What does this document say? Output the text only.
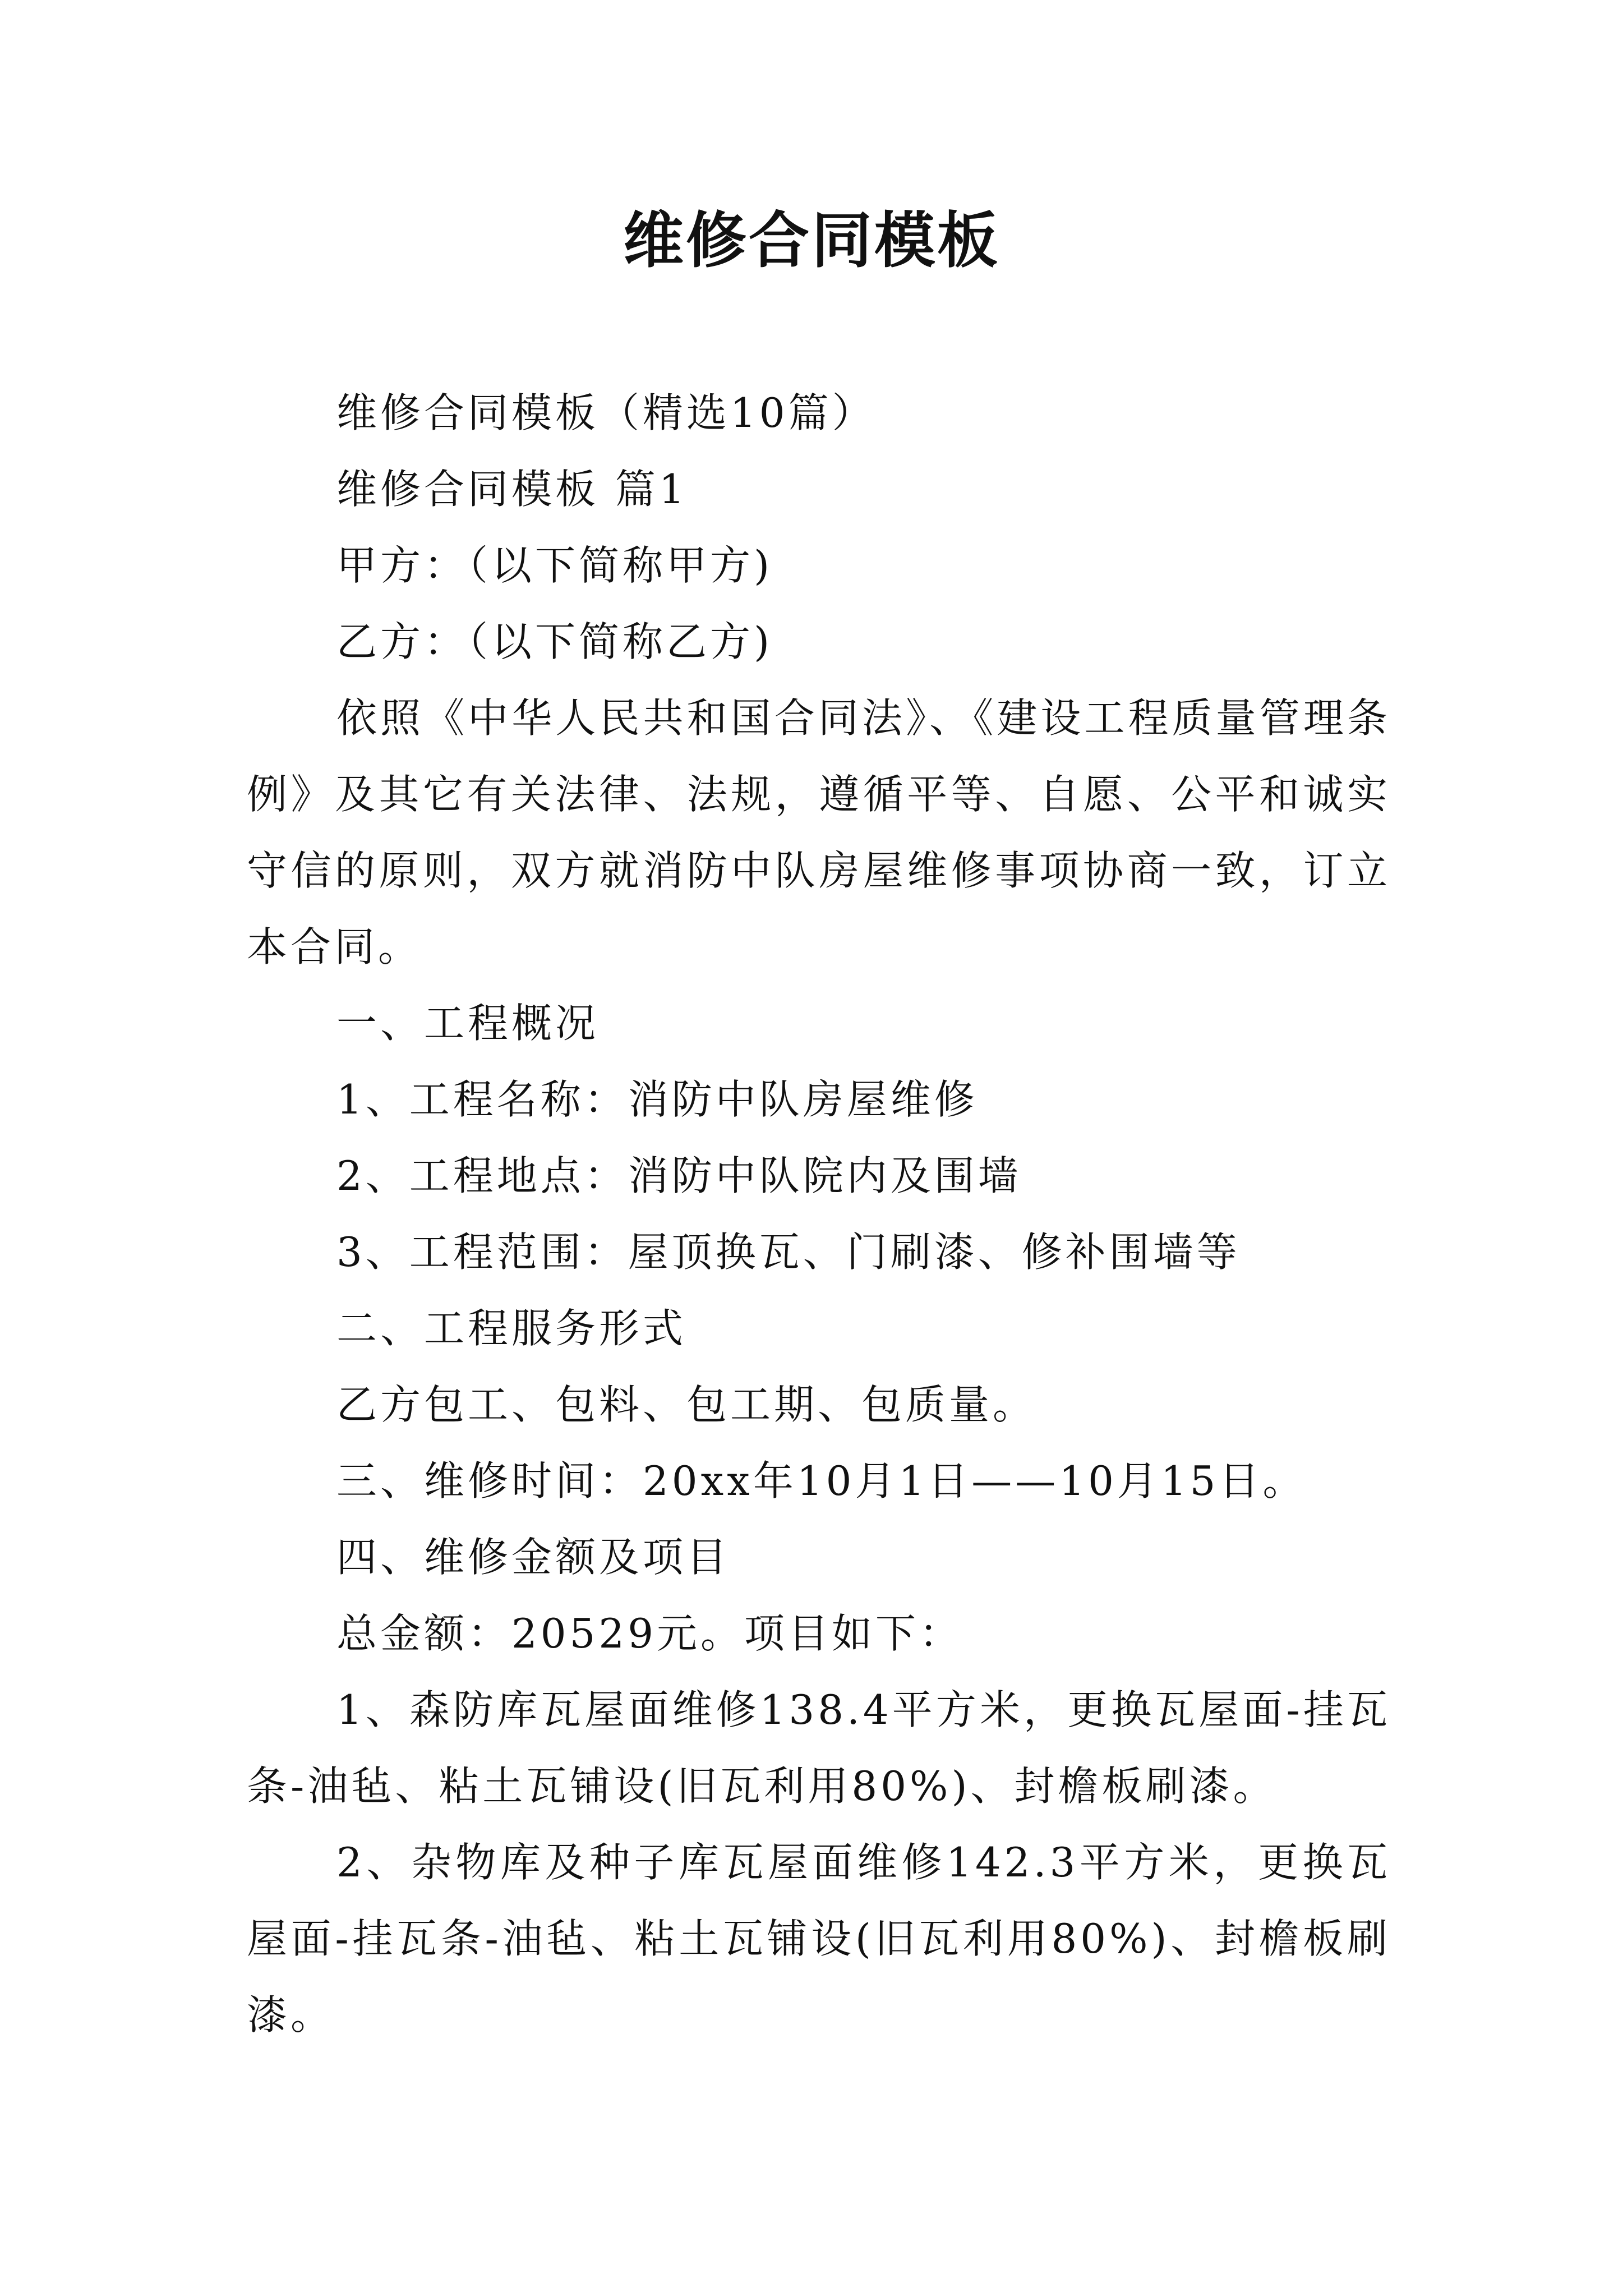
维修合同模板

维修合同模板（精选10篇）

维修合同模板 篇1

甲方：（以下简称甲方)

乙方：（以下简称乙方)

依照《中华人民共和国合同法》、《建设工程质量管理条例》及其它有关法律、法规，遵循平等、自愿、公平和诚实守信的原则，双方就消防中队房屋维修事项协商一致，订立本合同。

一、工程概况

1、工程名称：消防中队房屋维修

2、工程地点：消防中队院内及围墙

3、工程范围：屋顶换瓦、门刷漆、修补围墙等

二、工程服务形式

乙方包工、包料、包工期、包质量。

三、维修时间：20xx年10月1日——10月15日。

四、维修金额及项目

总金额：20529元。项目如下：

1、森防库瓦屋面维修138.4平方米，更换瓦屋面-挂瓦条-油毡、粘土瓦铺设(旧瓦利用80%)、封檐板刷漆。

2、杂物库及种子库瓦屋面维修142.3平方米，更换瓦屋面-挂瓦条-油毡、粘土瓦铺设(旧瓦利用80%)、封檐板刷漆。
